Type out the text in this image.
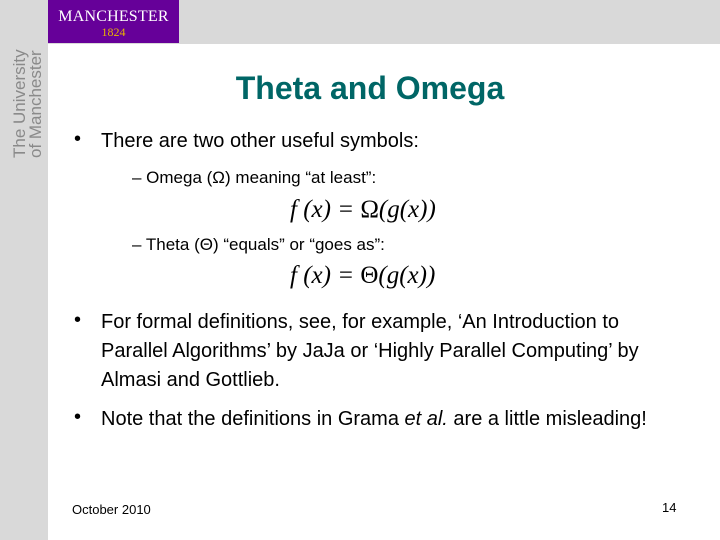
MANCHESTER
1824
The University
of Manchester	Theta and Omega
• There are two other useful symbols:
– Omega (Ω) meaning “at least”:
f (x) = Ω(g(x))
– Theta (Θ) “equals” or “goes as”:
f (x) = Θ(g(x))
• For formal definitions, see, for example, ‘An Introduction to Parallel Algorithms’ by JaJa or ‘Highly Parallel Computing’ by Almasi and Gottlieb.
• Note that the definitions in Grama et al. are a little misleading!
October 2010	14
